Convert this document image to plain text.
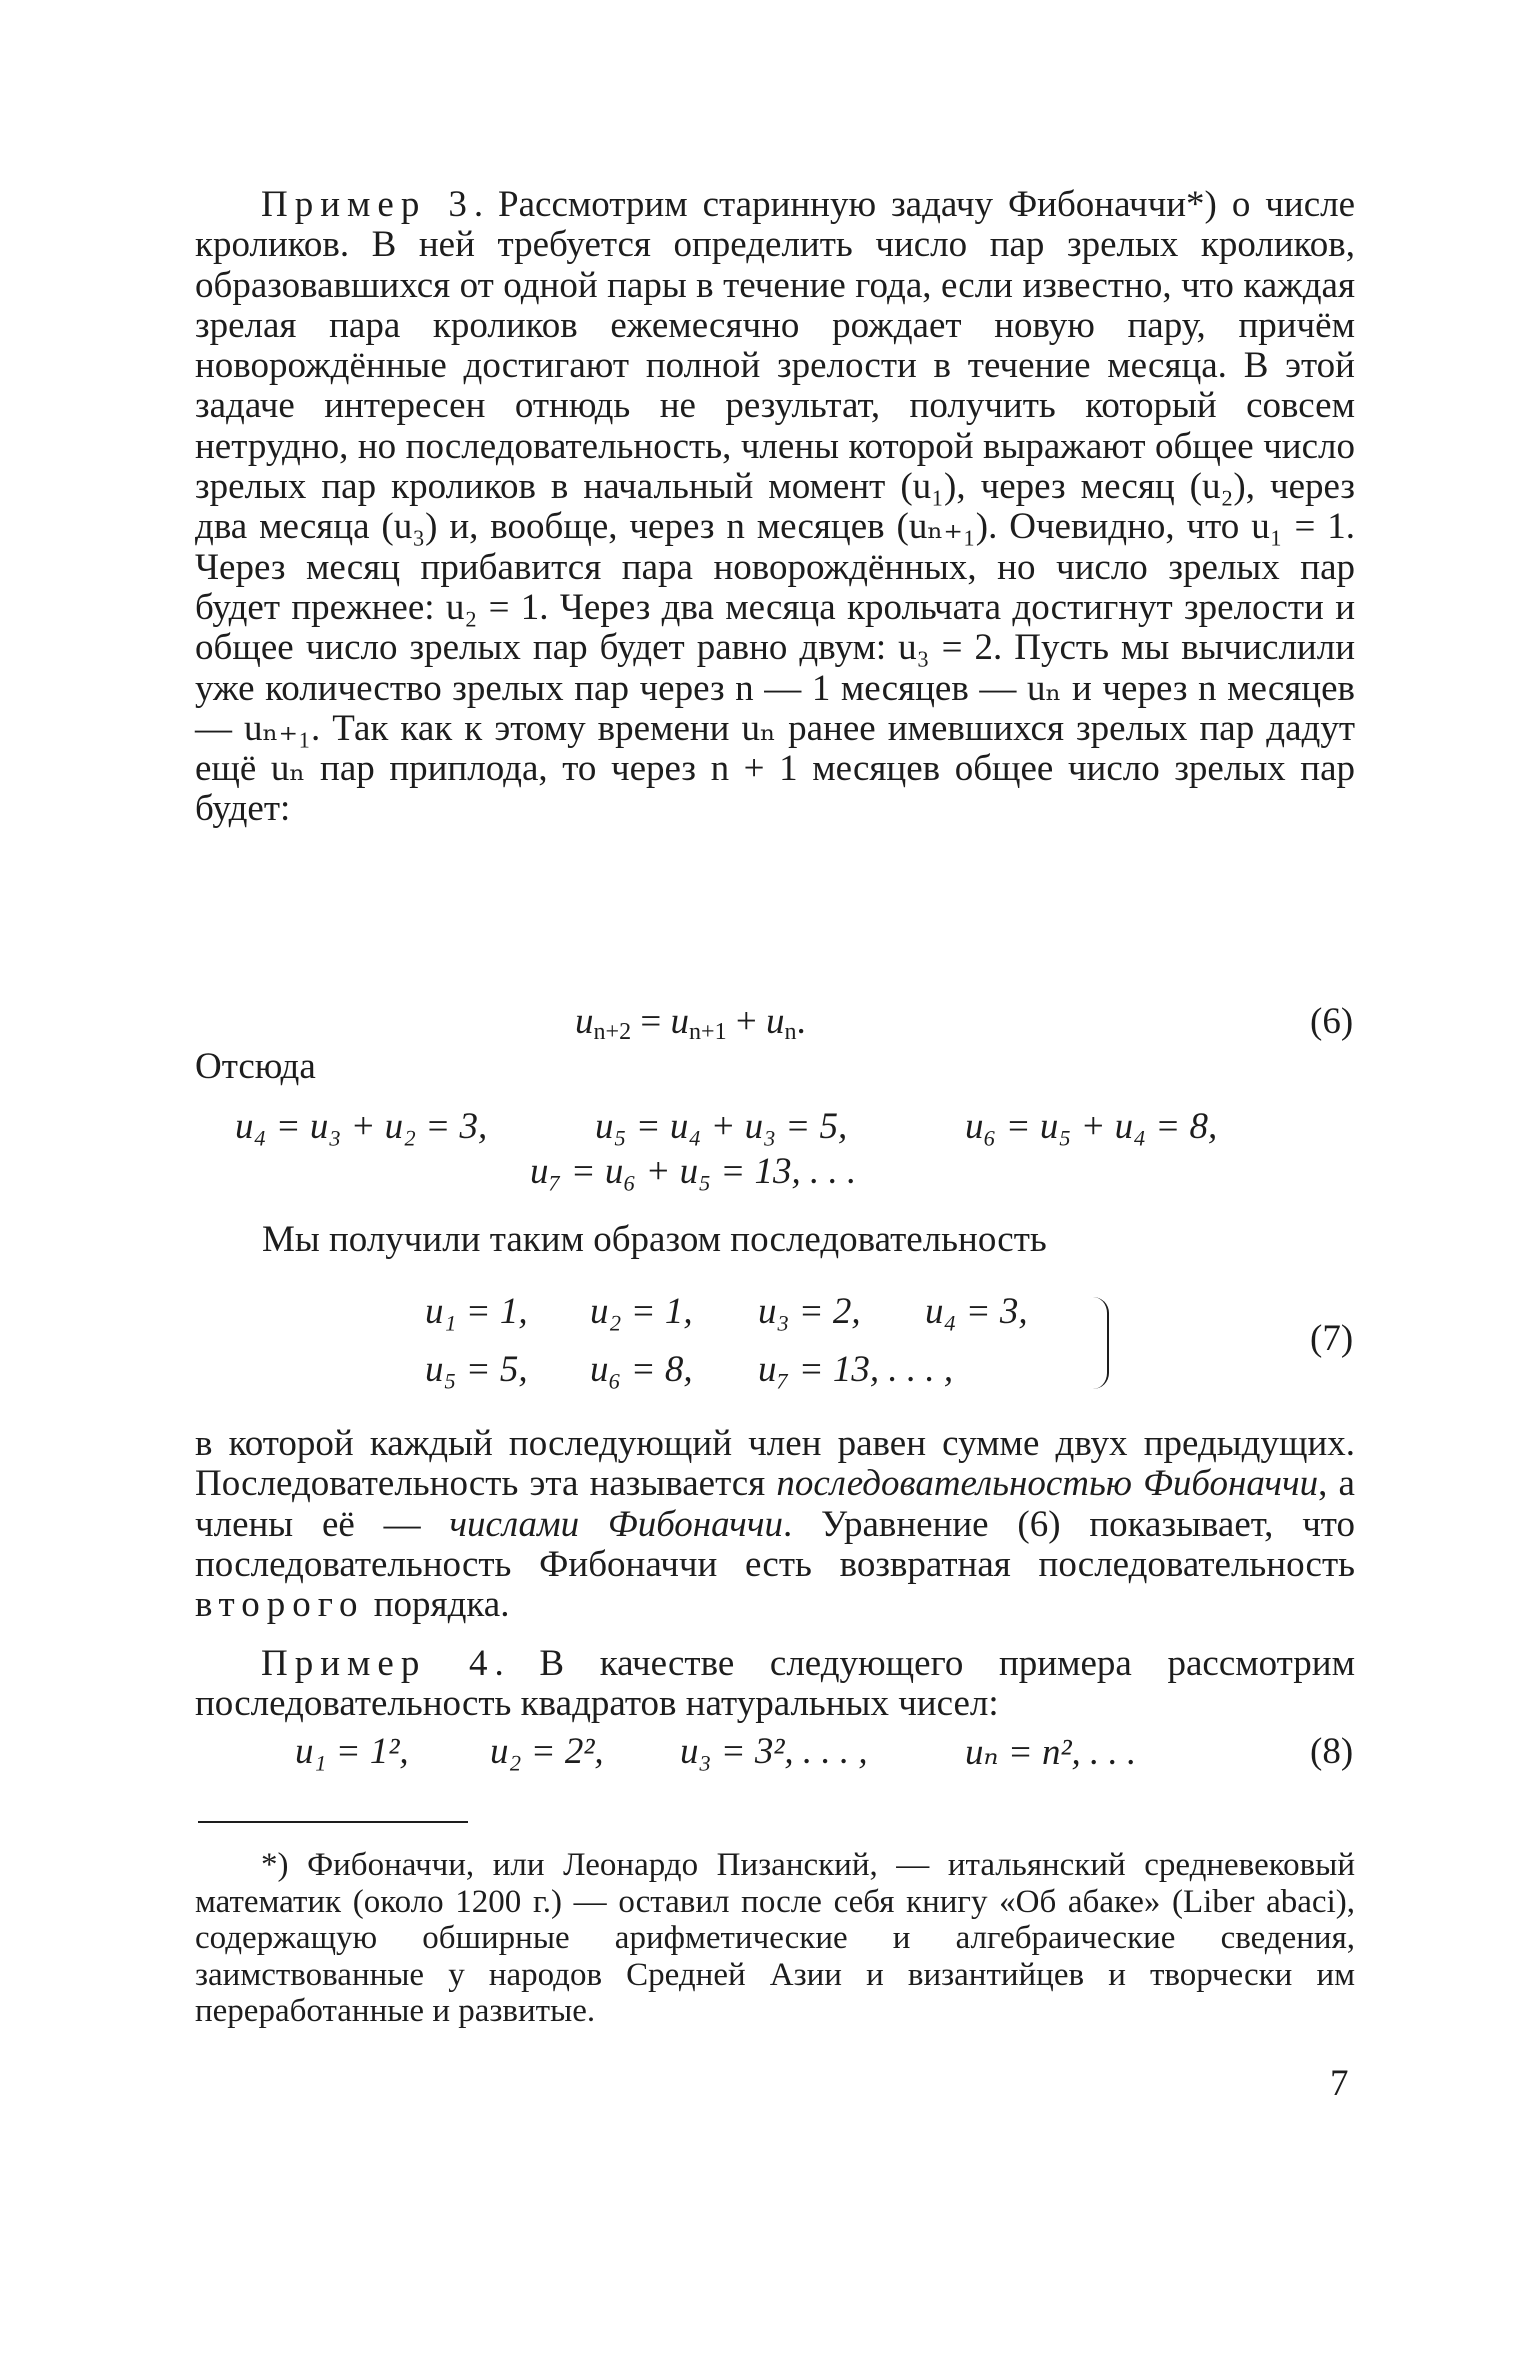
Пример 3. Рассмотрим старинную задачу Фибоначчи*) о числе кроликов. В ней требуется определить число пар зрелых кроликов, образовавшихся от одной пары в течение года, если известно, что каждая зрелая пара кроликов ежемесячно рождает новую пару, причём новорождённые достигают полной зрелости в течение месяца. В этой задаче интересен отнюдь не результат, получить который совсем нетрудно, но последовательность, члены которой выражают общее число зрелых пар кроликов в начальный момент (u₁), через месяц (u₂), через два месяца (u₃) и, вообще, через n месяцев (uₙ₊₁). Очевидно, что u₁ = 1. Через месяц прибавится пара новорождённых, но число зрелых пар будет прежнее: u₂ = 1. Через два месяца крольчата достигнут зрелости и общее число зрелых пар будет равно двум: u₃ = 2. Пусть мы вычислили уже количество зрелых пар через n — 1 месяцев — uₙ и через n месяцев — uₙ₊₁. Так как к этому времени uₙ ранее имевшихся зрелых пар дадут ещё uₙ пар приплода, то через n + 1 месяцев общее число зрелых пар будет:

$u_{n+2} = u_{n+1} + u_n$.	(6)
Отсюда
u₄ = u₃ + u₂ = 3,	u₅ = u₄ + u₃ = 5,	u₆ = u₅ + u₄ = 8,
u₇ = u₆ + u₅ = 13, . . .
Мы получили таким образом последовательность
u₁ = 1, u₂ = 1, u₃ = 2, u₄ = 3,
u₅ = 5, u₆ = 8, u₇ = 13, . . . ,
(7)

в которой каждый последующий член равен сумме двух предыдущих. Последовательность эта называется последовательностью Фибоначчи, а члены её — числами Фибоначчи. Уравнение (6) показывает, что последовательность Фибоначчи есть возвратная последовательность второго порядка.

Пример 4. В качестве следующего примера рассмотрим последовательность квадратов натуральных чисел:

u₁ = 1², u₂ = 2², u₃ = 3², . . . ,	uₙ = n², . . .	(8)

*) Фибоначчи, или Леонардо Пизанский, — итальянский средневековый математик (около 1200 г.) — оставил после себя книгу «Об абаке» (Liber abaci), содержащую обширные арифметические и алгебраические сведения, заимствованные у народов Средней Азии и византийцев и творчески им переработанные и развитые.

7
